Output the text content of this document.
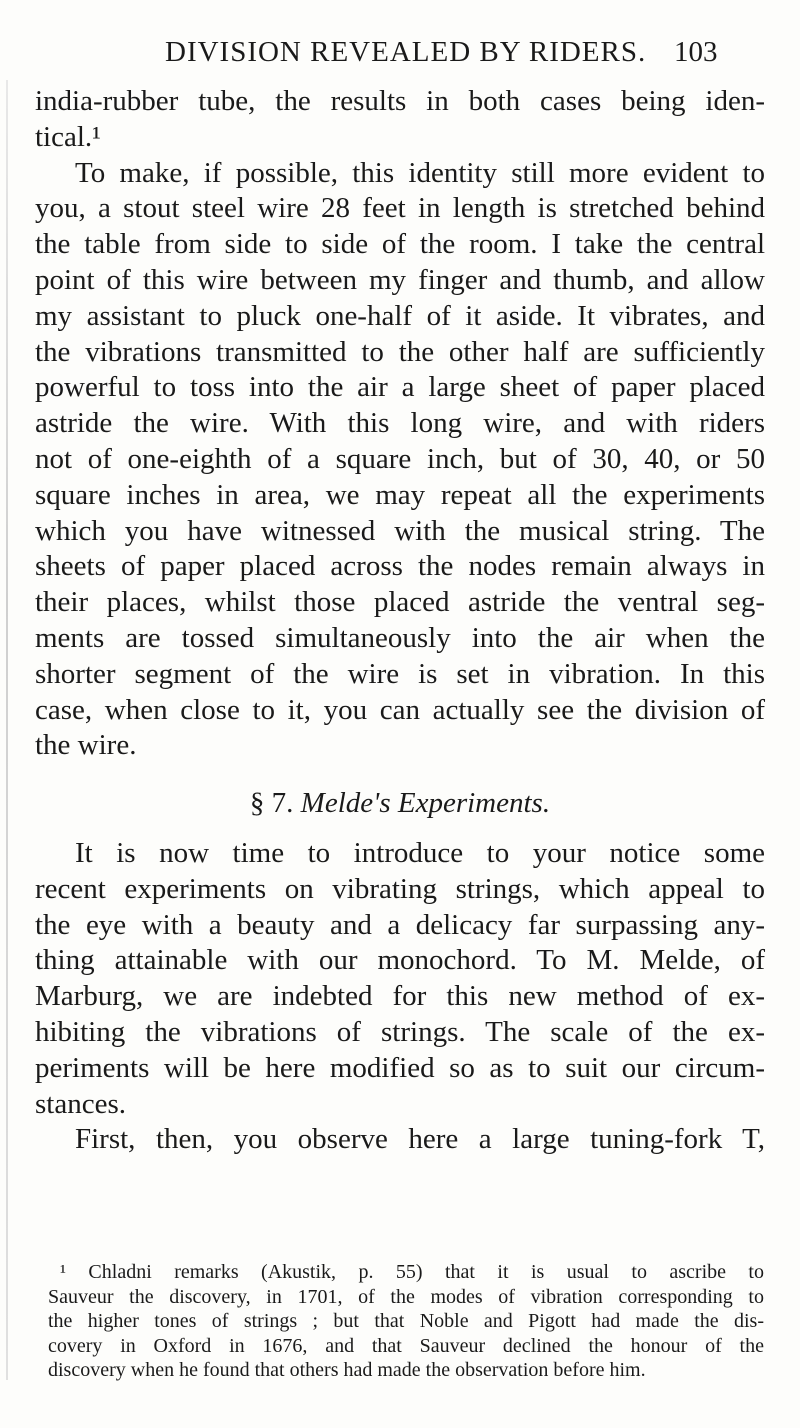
DIVISION REVEALED BY RIDERS. 103
india-rubber tube, the results in both cases being iden-
tical.¹
To make, if possible, this identity still more evident to
you, a stout steel wire 28 feet in length is stretched behind
the table from side to side of the room. I take the central
point of this wire between my finger and thumb, and allow
my assistant to pluck one-half of it aside. It vibrates, and
the vibrations transmitted to the other half are sufficiently
powerful to toss into the air a large sheet of paper placed
astride the wire. With this long wire, and with riders
not of one-eighth of a square inch, but of 30, 40, or 50
square inches in area, we may repeat all the experiments
which you have witnessed with the musical string. The
sheets of paper placed across the nodes remain always in
their places, whilst those placed astride the ventral seg-
ments are tossed simultaneously into the air when the
shorter segment of the wire is set in vibration. In this
case, when close to it, you can actually see the division of
the wire.
§ 7. Melde's Experiments.
It is now time to introduce to your notice some
recent experiments on vibrating strings, which appeal to
the eye with a beauty and a delicacy far surpassing any-
thing attainable with our monochord. To M. Melde, of
Marburg, we are indebted for this new method of ex-
hibiting the vibrations of strings. The scale of the ex-
periments will be here modified so as to suit our circum-
stances.
First, then, you observe here a large tuning-fork T,
¹ Chladni remarks (Akustik, p. 55) that it is usual to ascribe to
Sauveur the discovery, in 1701, of the modes of vibration corresponding to
the higher tones of strings ; but that Noble and Pigott had made the dis-
covery in Oxford in 1676, and that Sauveur declined the honour of the
discovery when he found that others had made the observation before him.
